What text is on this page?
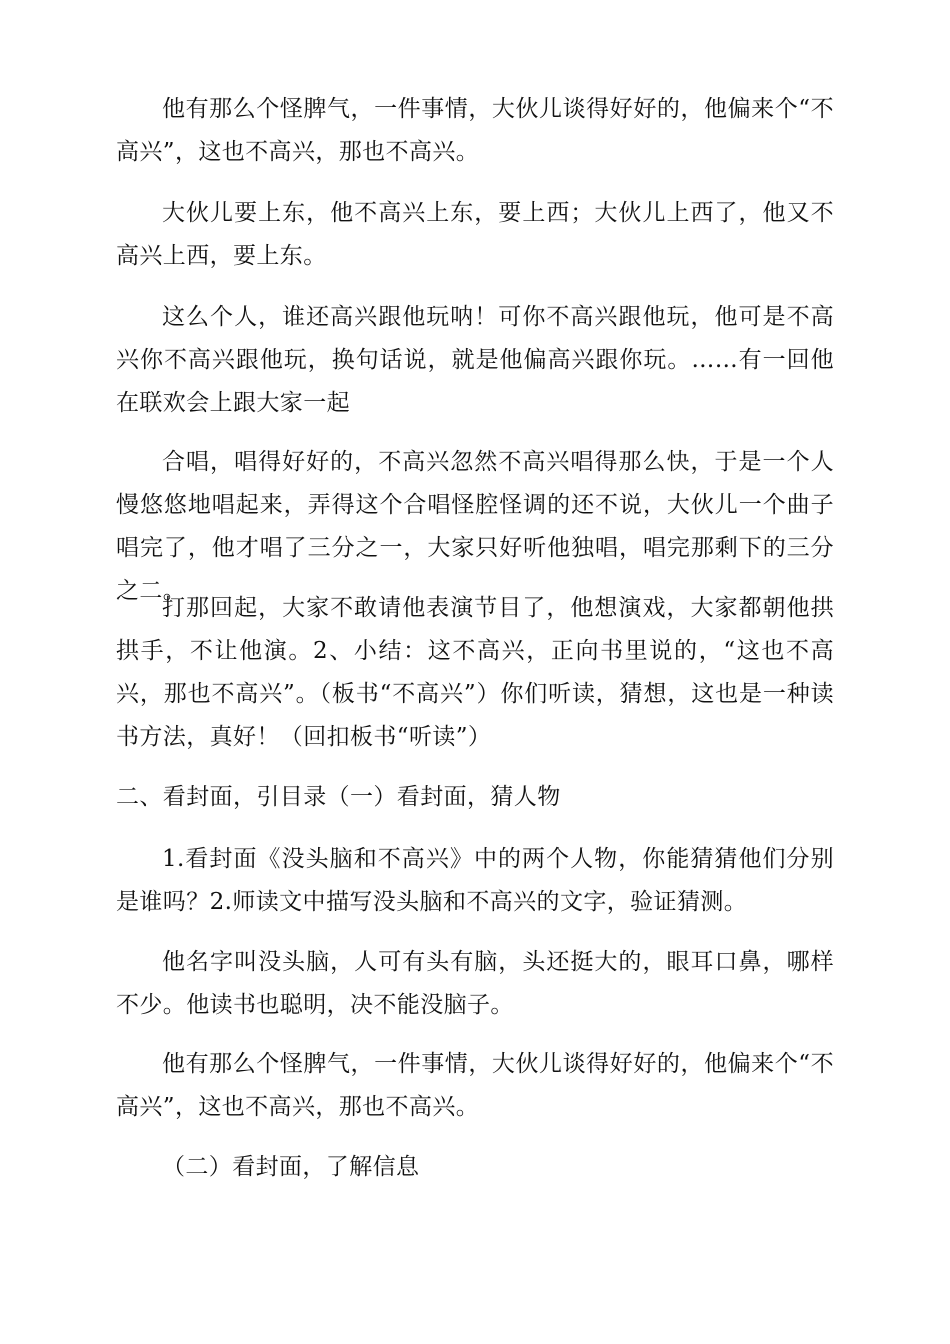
他有那么个怪脾气，一件事情，大伙儿谈得好好的，他偏来个“不高兴”，这也不高兴，那也不高兴。

大伙儿要上东，他不高兴上东，要上西；大伙儿上西了，他又不高兴上西，要上东。

这么个人，谁还高兴跟他玩呐！可你不高兴跟他玩，他可是不高兴你不高兴跟他玩，换句话说，就是他偏高兴跟你玩。……有一回他在联欢会上跟大家一起

合唱，唱得好好的，不高兴忽然不高兴唱得那么快，于是一个人慢悠悠地唱起来，弄得这个合唱怪腔怪调的还不说，大伙儿一个曲子唱完了，他才唱了三分之一，大家只好听他独唱，唱完那剩下的三分之二。

打那回起，大家不敢请他表演节目了，他想演戏，大家都朝他拱拱手，不让他演。2、小结：这不高兴，正向书里说的，“这也不高兴，那也不高兴”。（板书“不高兴”）你们听读，猜想，这也是一种读书方法，真好！（回扣板书“听读”）

二、看封面，引目录（一）看封面，猜人物

1.看封面《没头脑和不高兴》中的两个人物，你能猜猜他们分别是谁吗？2.师读文中描写没头脑和不高兴的文字，验证猜测。

他名字叫没头脑，人可有头有脑，头还挺大的，眼耳口鼻，哪样不少。他读书也聪明，决不能没脑子。

他有那么个怪脾气，一件事情，大伙儿谈得好好的，他偏来个“不高兴”，这也不高兴，那也不高兴。

（二）看封面，了解信息
